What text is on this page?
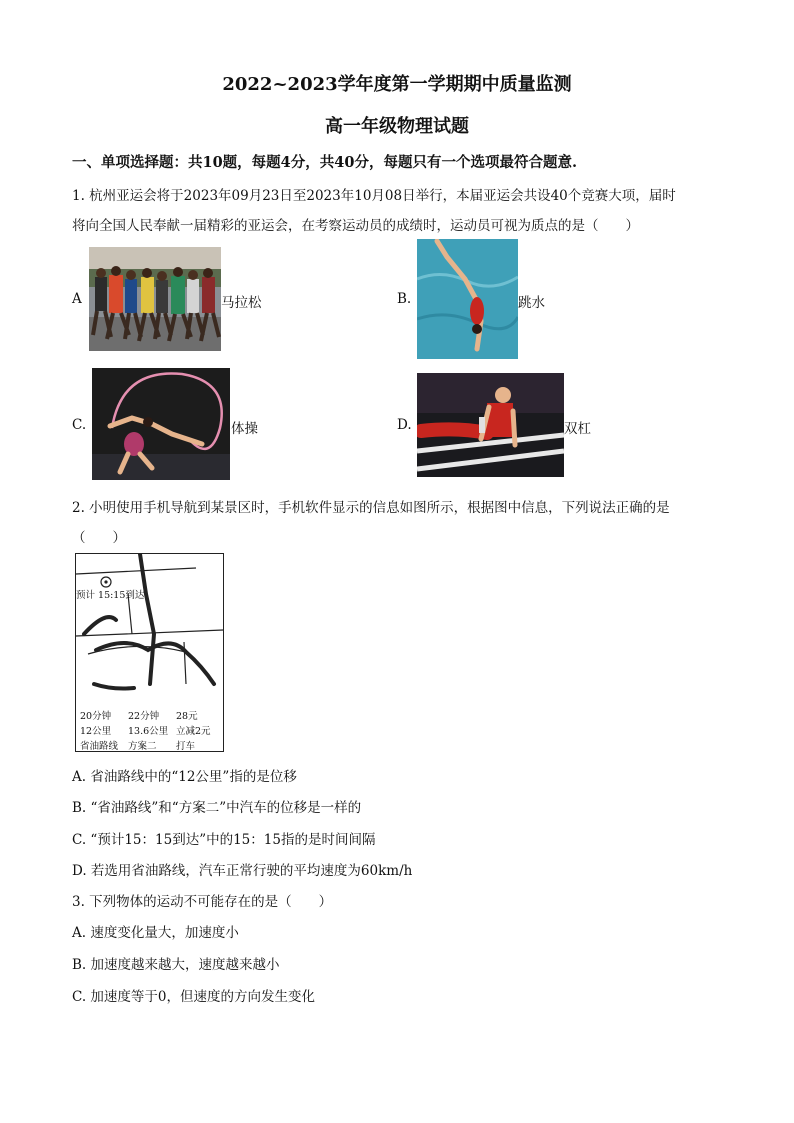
2022~2023学年度第一学期期中质量监测
高一年级物理试题
一、单项选择题：共10题，每题4分，共40分，每题只有一个选项最符合题意.
1. 杭州亚运会将于2023年09月23日至2023年10月08日举行，本届亚运会共设40个竞赛大项，届时
将向全国人民奉献一届精彩的亚运会，在考察运动员的成绩时，运动员可视为质点的是（　　）
A	马拉松	B.	跳水
C.	体操	D.	双杠
2. 小明使用手机导航到某景区时，手机软件显示的信息如图所示，根据图中信息，下列说法正确的是
（　　）
预计 15:15到达
20分钟 22分钟 28元
12公里 13.6公里 立减2元
省油路线 方案二 打车
A. 省油路线中的“12公里”指的是位移
B. “省油路线”和“方案二”中汽车的位移是一样的
C. “预计15：15到达”中的15：15指的是时间间隔
D. 若选用省油路线，汽车正常行驶的平均速度为60km/h
3. 下列物体的运动不可能存在的是（　　）
A. 速度变化量大，加速度小
B. 加速度越来越大，速度越来越小
C. 加速度等于0，但速度的方向发生变化
